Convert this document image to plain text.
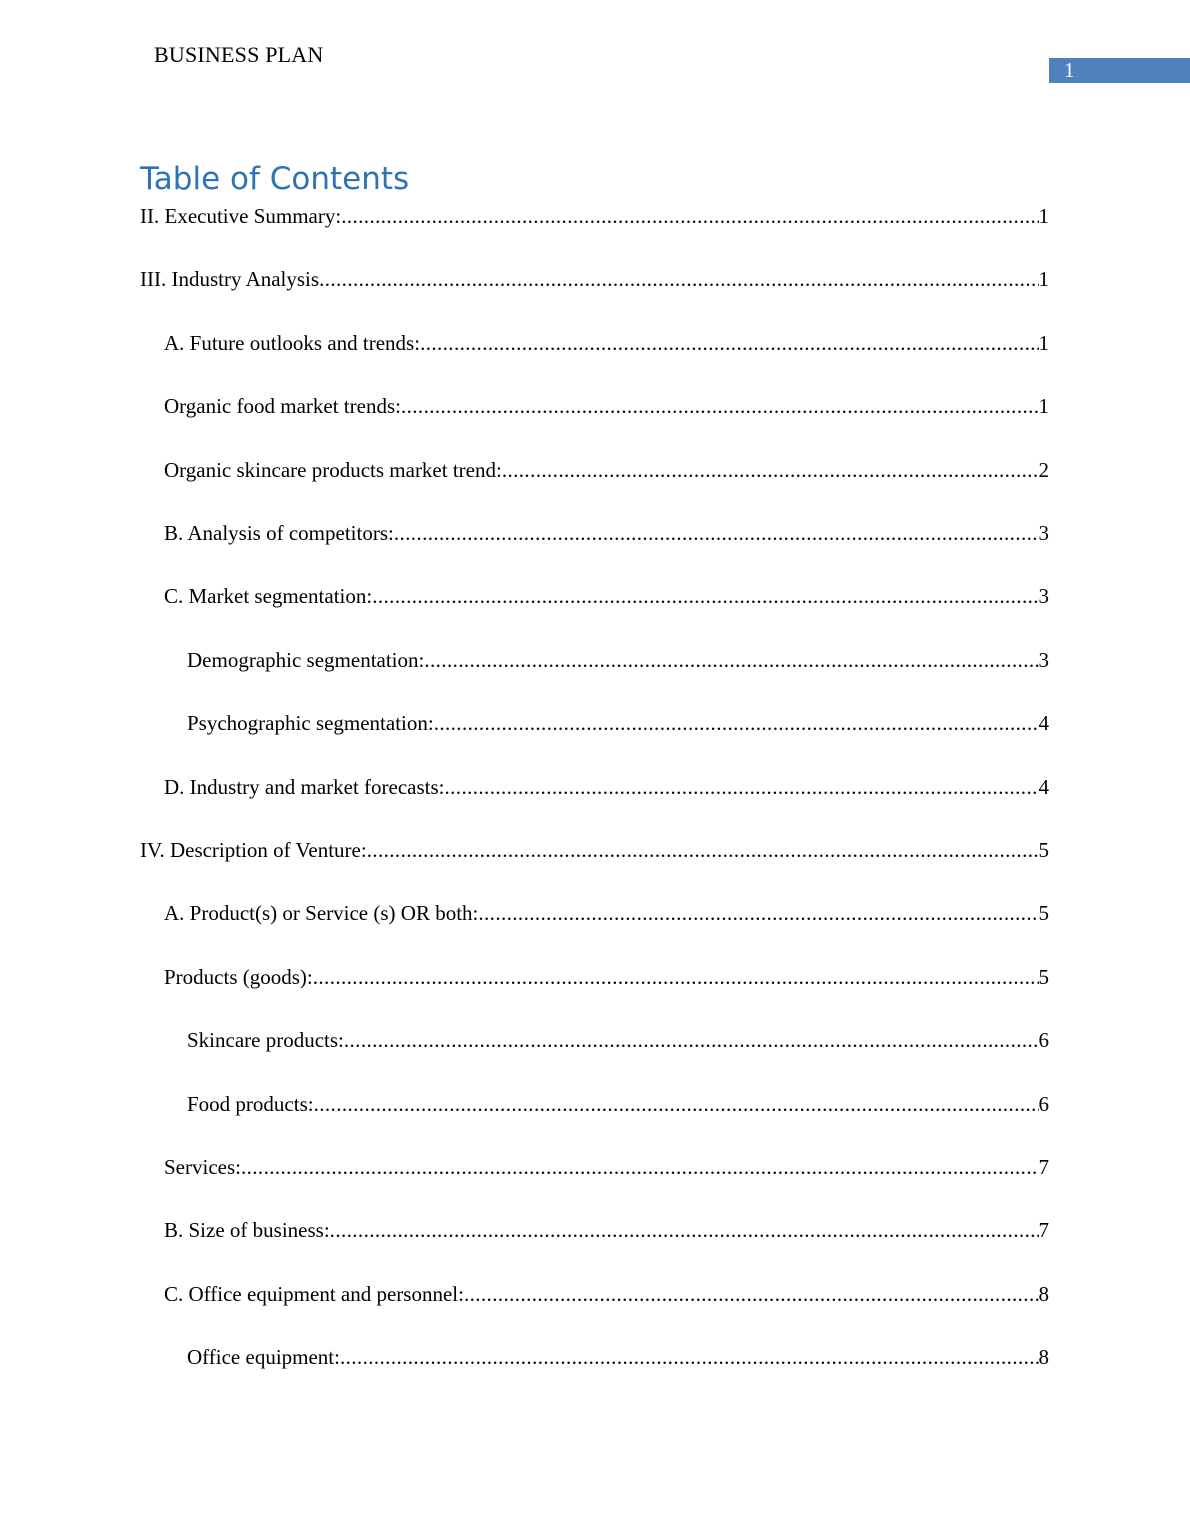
BUSINESS PLAN
1
Table of Contents
II. Executive Summary: .....	1
III. Industry Analysis .....	1
A. Future outlooks and trends: .....	1
Organic food market trends: .....	1
Organic skincare products market trend: .....	2
B. Analysis of competitors: .....	3
C. Market segmentation: .....	3
Demographic segmentation: .....	3
Psychographic segmentation: .....	4
D. Industry and market forecasts: .....	4
IV. Description of Venture: .....	5
A. Product(s) or Service (s) OR both: .....	5
Products (goods): .....	5
Skincare products: .....	6
Food products: .....	6
Services: .....	7
B. Size of business: .....	7
C. Office equipment and personnel: .....	8
Office equipment: .....	8
